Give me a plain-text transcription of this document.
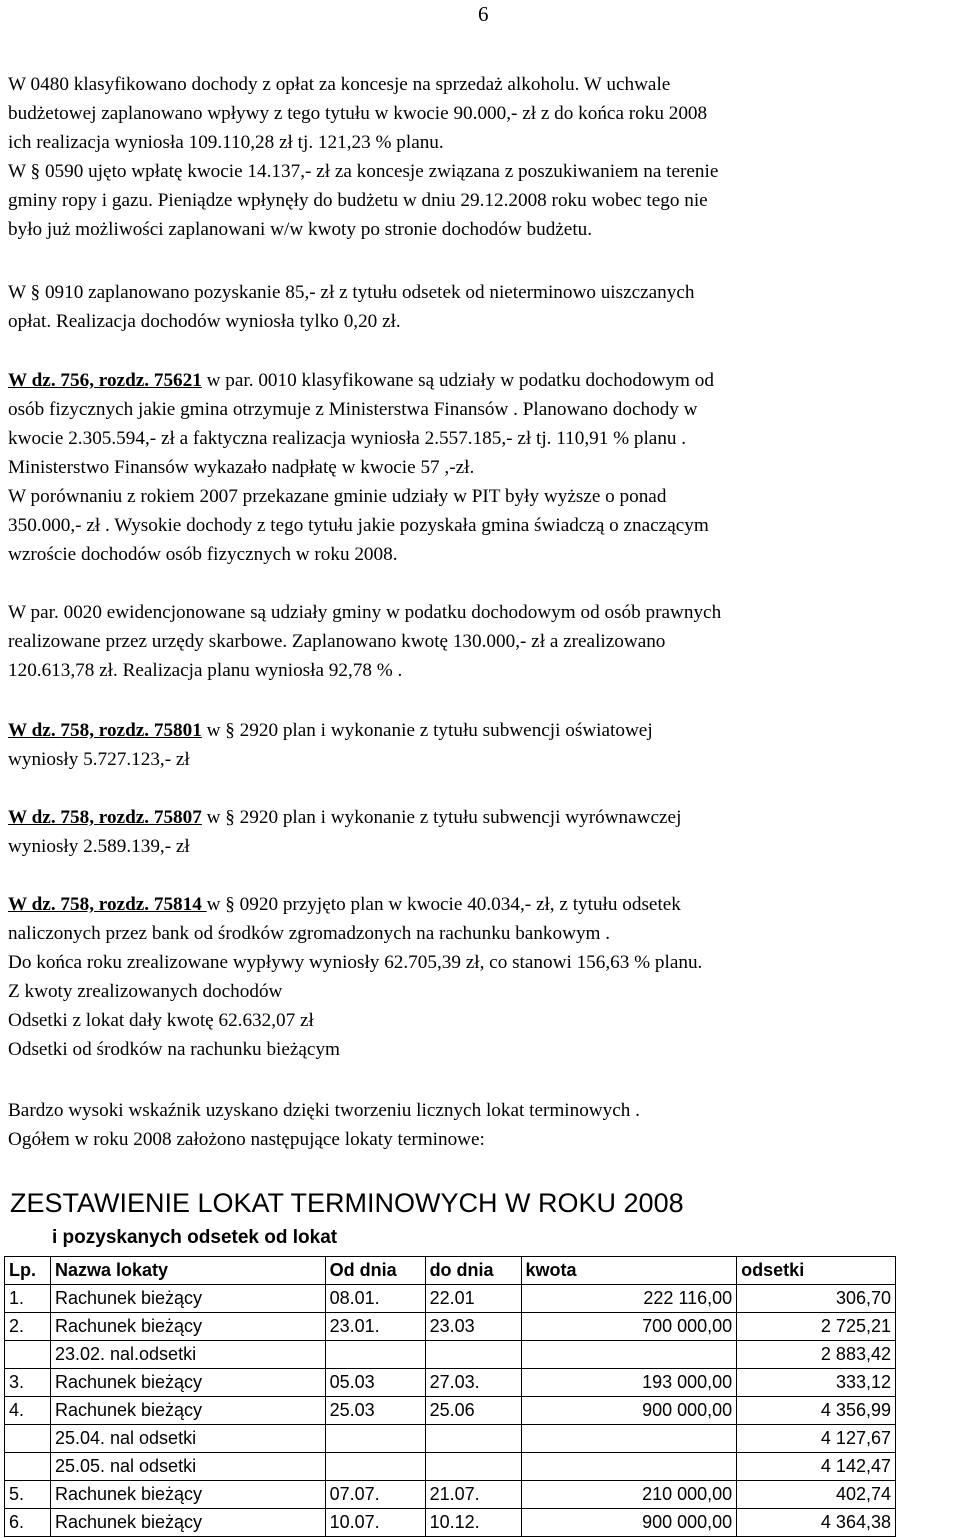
6
W 0480 klasyfikowano dochody z opłat za koncesje na sprzedaż alkoholu. W uchwale
budżetowej zaplanowano wpływy z tego tytułu w kwocie 90.000,- zł z do końca roku 2008
ich realizacja wyniosła 109.110,28 zł tj. 121,23 % planu.
W § 0590 ujęto wpłatę kwocie 14.137,- zł za koncesje związana z poszukiwaniem na terenie
gminy ropy i gazu. Pieniądze wpłynęły do budżetu w dniu 29.12.2008 roku wobec tego nie
było już możliwości zaplanowani w/w kwoty po stronie dochodów budżetu.
W § 0910 zaplanowano pozyskanie 85,- zł z tytułu odsetek od nieterminowo uiszczanych
opłat. Realizacja dochodów wyniosła tylko 0,20 zł.
W dz. 756, rozdz. 75621 w par. 0010 klasyfikowane są udziały w podatku dochodowym od
osób fizycznych jakie gmina otrzymuje z Ministerstwa Finansów . Planowano dochody w
kwocie 2.305.594,- zł a faktyczna realizacja wyniosła 2.557.185,- zł tj. 110,91 % planu .
Ministerstwo Finansów wykazało nadpłatę w kwocie 57 ,-zł.
W porównaniu z rokiem 2007 przekazane gminie udziały w PIT były wyższe o ponad
350.000,- zł . Wysokie dochody z tego tytułu jakie pozyskała gmina świadczą o znaczącym
wzroście dochodów osób fizycznych w roku 2008.
W par. 0020 ewidencjonowane są udziały gminy w podatku dochodowym od osób prawnych
realizowane przez urzędy skarbowe. Zaplanowano kwotę 130.000,- zł a zrealizowano
120.613,78 zł. Realizacja planu wyniosła 92,78 % .
W dz. 758, rozdz. 75801 w § 2920 plan i wykonanie z tytułu subwencji oświatowej
wyniosły 5.727.123,- zł
W dz. 758, rozdz. 75807 w § 2920 plan i wykonanie z tytułu subwencji wyrównawczej
wyniosły 2.589.139,- zł
W dz. 758, rozdz. 75814 w § 0920 przyjęto plan w kwocie 40.034,- zł, z tytułu odsetek
naliczonych przez bank od środków zgromadzonych na rachunku bankowym .
Do końca roku zrealizowane wypływy wyniosły 62.705,39 zł, co stanowi 156,63 % planu.
Z kwoty zrealizowanych dochodów
Odsetki z lokat dały kwotę 62.632,07 zł
Odsetki od środków na rachunku bieżącym
Bardzo wysoki wskaźnik uzyskano dzięki tworzeniu licznych lokat terminowych .
Ogółem w roku 2008 założono następujące lokaty terminowe:
ZESTAWIENIE LOKAT TERMINOWYCH W ROKU 2008
i pozyskanych odsetek od lokat
Lp.	Nazwa lokaty	Od dnia	do dnia	kwota	odsetki
1.	Rachunek bieżący	08.01.	22.01	222 116,00	306,70
2.	Rachunek bieżący	23.01.	23.03	700 000,00	2 725,21
	23.02. nal.odsetki				2 883,42
3.	Rachunek bieżący	05.03	27.03.	193 000,00	333,12
4.	Rachunek bieżący	25.03	25.06	900 000,00	4 356,99
	25.04. nal odsetki				4 127,67
	25.05. nal odsetki				4 142,47
5.	Rachunek bieżący	07.07.	21.07.	210 000,00	402,74
6.	Rachunek bieżący	10.07.	10.12.	900 000,00	4 364,38
